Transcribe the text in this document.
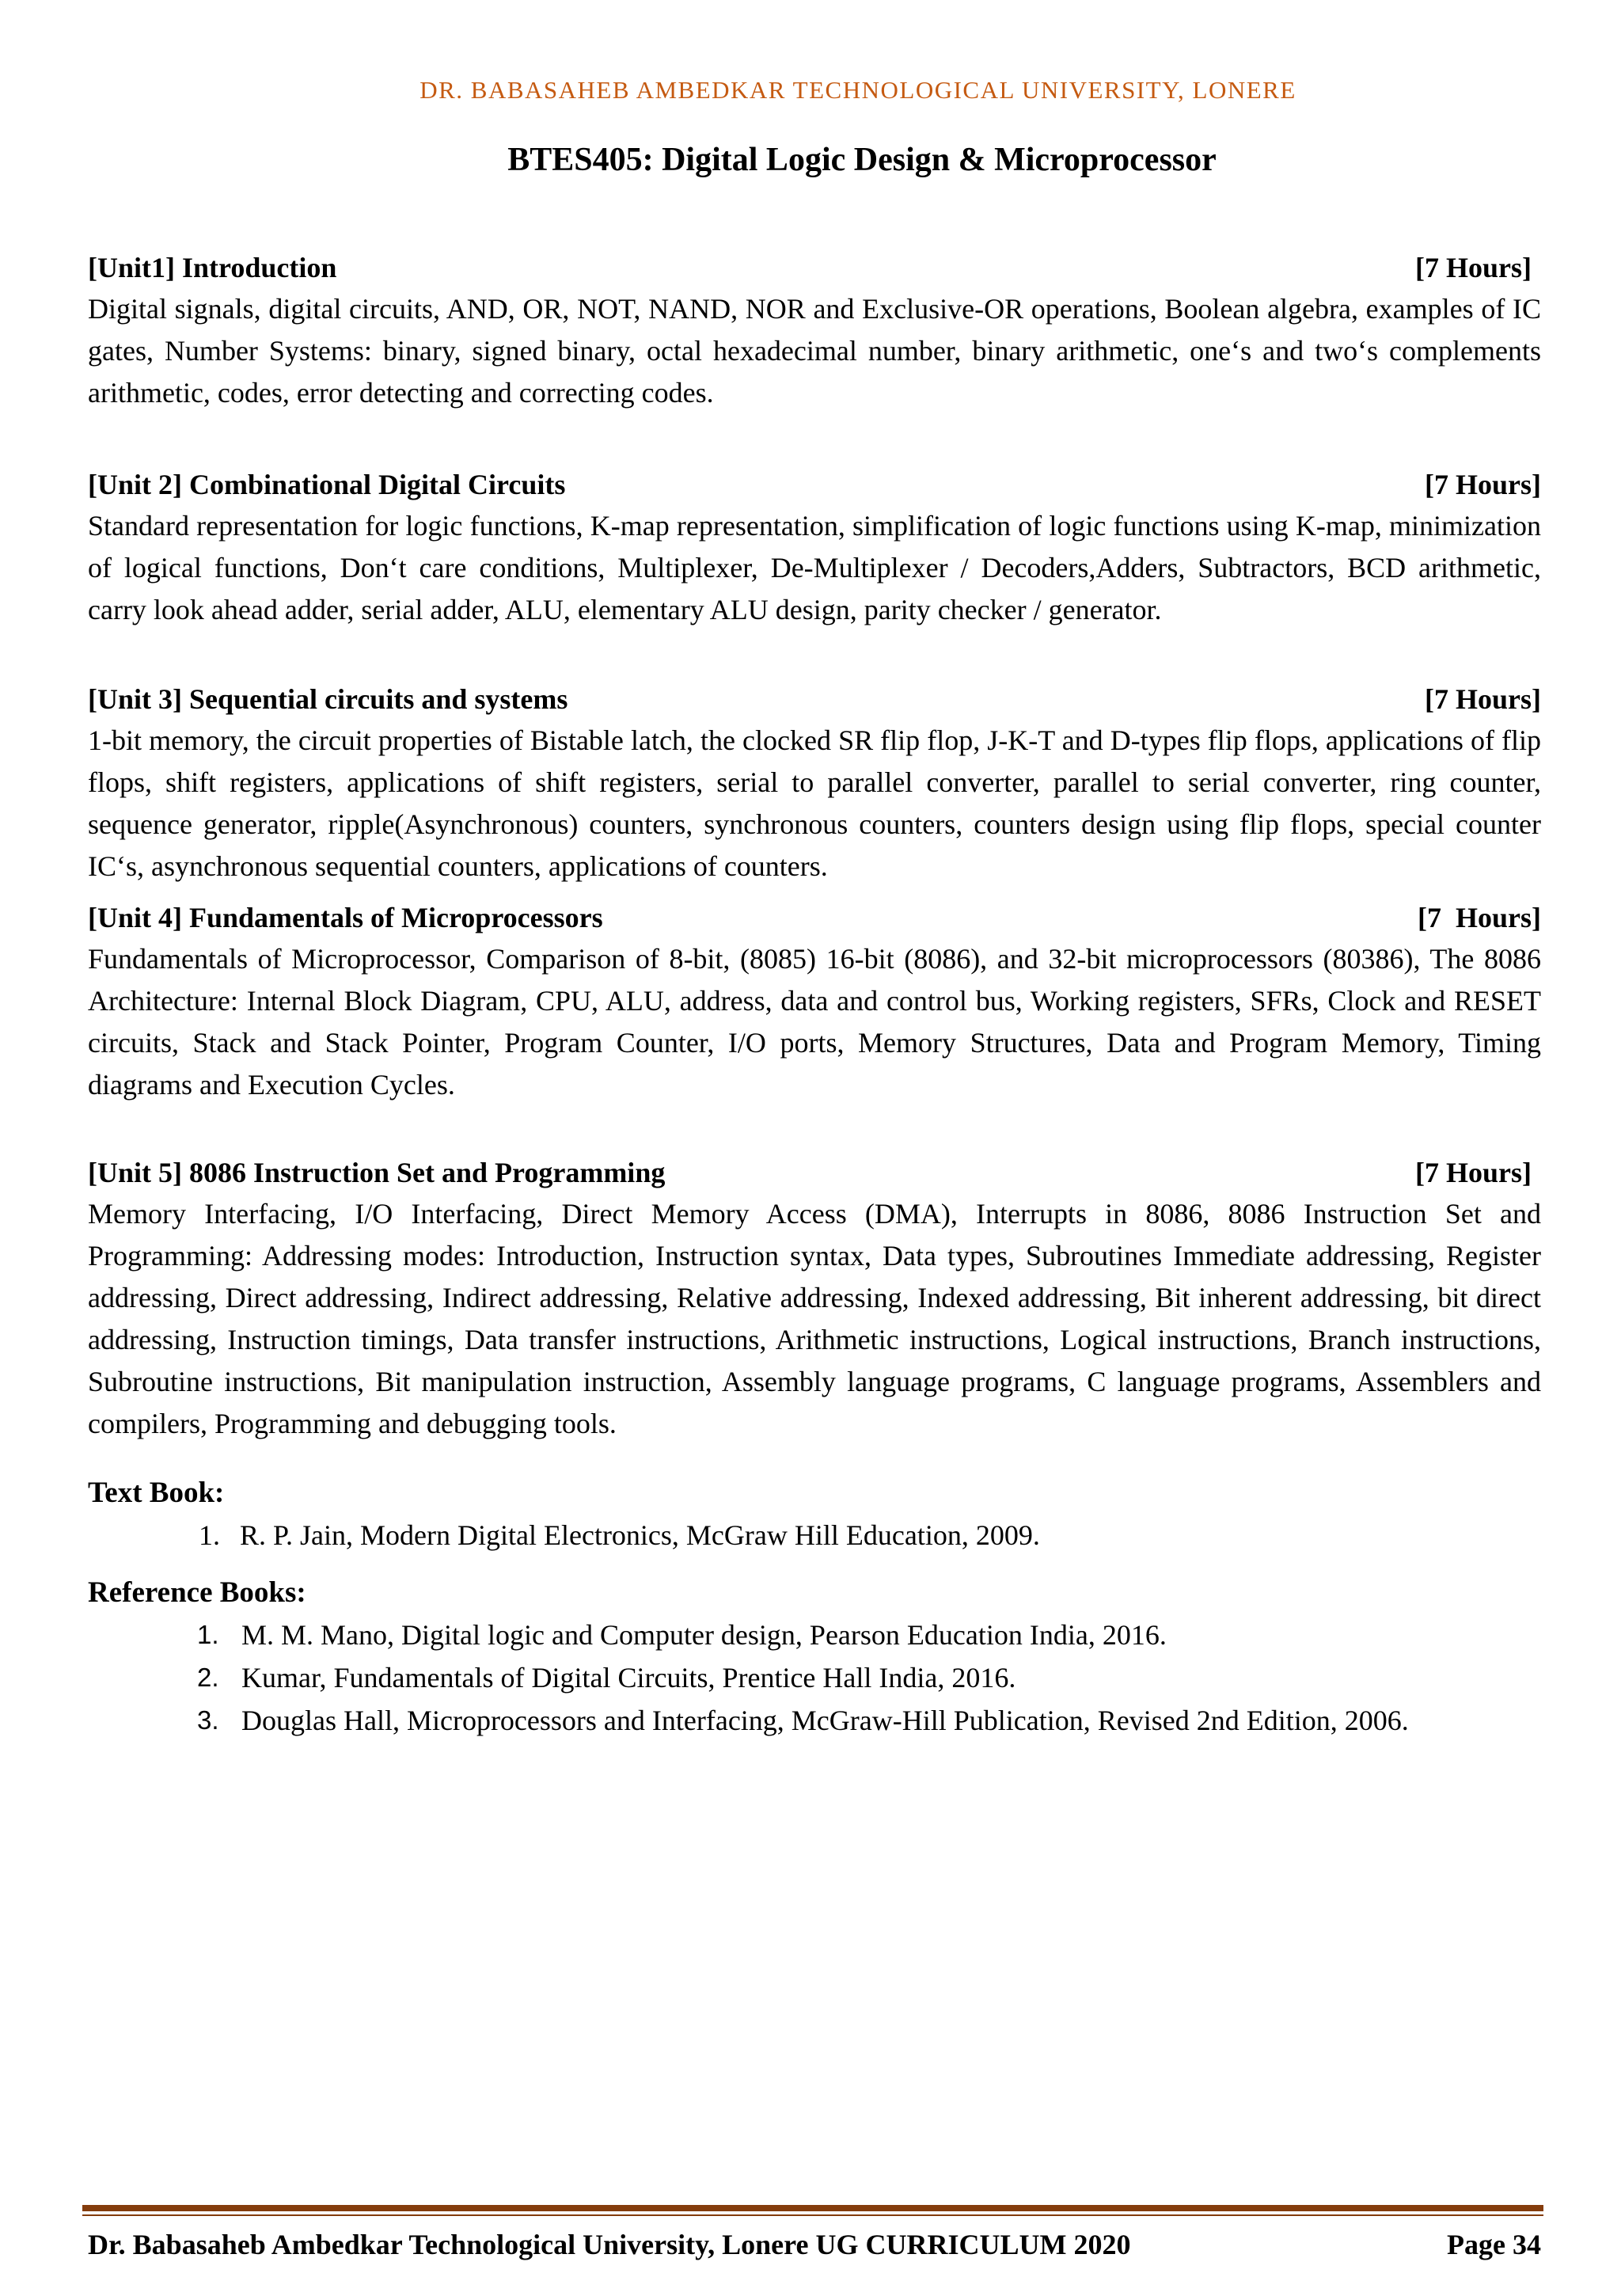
DR. BABASAHEB AMBEDKAR TECHNOLOGICAL UNIVERSITY, LONERE
BTES405: Digital Logic Design & Microprocessor
[Unit1] Introduction	[7 Hours]
Digital signals, digital circuits, AND, OR, NOT, NAND, NOR and Exclusive-OR operations, Boolean algebra, examples of IC gates, Number Systems: binary, signed binary, octal hexadecimal number, binary arithmetic, one‘s and two‘s complements arithmetic, codes, error detecting and correcting codes.
[Unit 2] Combinational Digital Circuits	[7 Hours]
Standard representation for logic functions, K-map representation, simplification of logic functions using K-map, minimization of logical functions, Don‘t care conditions, Multiplexer, De-Multiplexer / Decoders,Adders, Subtractors, BCD arithmetic, carry look ahead adder, serial adder, ALU, elementary ALU design, parity checker / generator.
[Unit 3] Sequential circuits and systems	[7 Hours]
1-bit memory, the circuit properties of Bistable latch, the clocked SR flip flop, J-K-T and D-types flip flops, applications of flip flops, shift registers, applications of shift registers, serial to parallel converter, parallel to serial converter, ring counter, sequence generator, ripple(Asynchronous) counters, synchronous counters, counters design using flip flops, special counter IC‘s, asynchronous sequential counters, applications of counters.
[Unit 4] Fundamentals of Microprocessors	[7  Hours]
Fundamentals of Microprocessor, Comparison of 8-bit, (8085) 16-bit (8086), and 32-bit microprocessors (80386), The 8086 Architecture: Internal Block Diagram, CPU, ALU, address, data and control bus, Working registers, SFRs, Clock and RESET circuits, Stack and Stack Pointer, Program Counter, I/O ports, Memory Structures, Data and Program Memory, Timing diagrams and Execution Cycles.
[Unit 5] 8086 Instruction Set and Programming	[7 Hours]
Memory Interfacing, I/O Interfacing, Direct Memory Access (DMA), Interrupts in 8086, 8086 Instruction Set and Programming: Addressing modes: Introduction, Instruction syntax, Data types, Subroutines Immediate addressing, Register addressing, Direct addressing, Indirect addressing, Relative addressing, Indexed addressing, Bit inherent addressing, bit direct addressing, Instruction timings, Data transfer instructions, Arithmetic instructions, Logical instructions, Branch instructions, Subroutine instructions, Bit manipulation instruction, Assembly language programs, C language programs, Assemblers and compilers, Programming and debugging tools.
Text Book:
1. R. P. Jain, Modern Digital Electronics, McGraw Hill Education, 2009.
Reference Books:
1. M. M. Mano, Digital logic and Computer design, Pearson Education India, 2016.
2. Kumar, Fundamentals of Digital Circuits, Prentice Hall India, 2016.
3. Douglas Hall, Microprocessors and Interfacing, McGraw-Hill Publication, Revised 2nd Edition, 2006.
Dr. Babasaheb Ambedkar Technological University, Lonere UG CURRICULUM 2020	Page 34
